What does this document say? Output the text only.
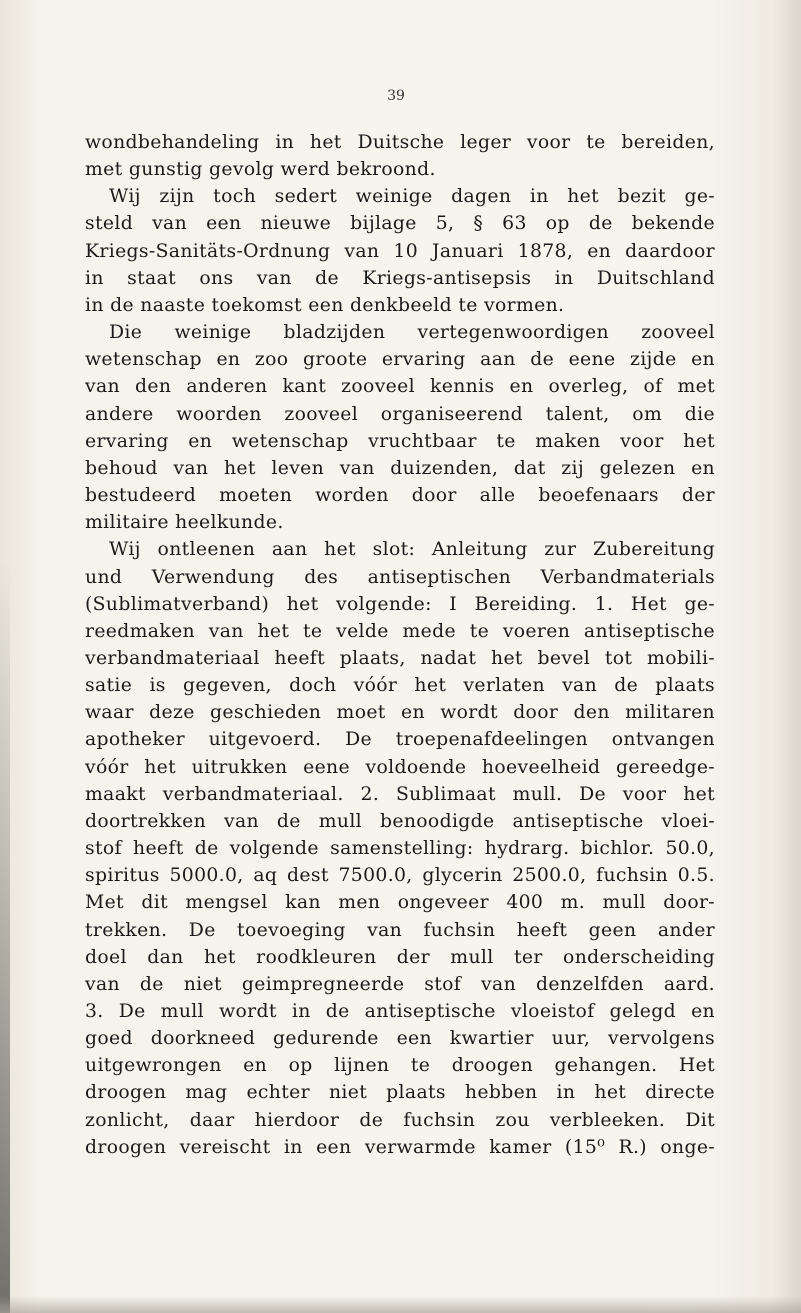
39
wondbehandeling in het Duitsche leger voor te bereiden,
met gunstig gevolg werd bekroond.
Wij zijn toch sedert weinige dagen in het bezit ge-
steld van een nieuwe bijlage 5, § 63 op de bekende
Kriegs-Sanitäts-Ordnung van 10 Januari 1878, en daardoor
in staat ons van de Kriegs-antisepsis in Duitschland
in de naaste toekomst een denkbeeld te vormen.
Die weinige bladzijden vertegenwoordigen zooveel
wetenschap en zoo groote ervaring aan de eene zijde en
van den anderen kant zooveel kennis en overleg, of met
andere woorden zooveel organiseerend talent, om die
ervaring en wetenschap vruchtbaar te maken voor het
behoud van het leven van duizenden, dat zij gelezen en
bestudeerd moeten worden door alle beoefenaars der
militaire heelkunde.
Wij ontleenen aan het slot: Anleitung zur Zubereitung
und Verwendung des antiseptischen Verbandmaterials
(Sublimatverband) het volgende: I Bereiding. 1. Het ge-
reedmaken van het te velde mede te voeren antiseptische
verbandmateriaal heeft plaats, nadat het bevel tot mobili-
satie is gegeven, doch vóór het verlaten van de plaats
waar deze geschieden moet en wordt door den militaren
apotheker uitgevoerd. De troepenafdeelingen ontvangen
vóór het uitrukken eene voldoende hoeveelheid gereedge-
maakt verbandmateriaal. 2. Sublimaat mull. De voor het
doortrekken van de mull benoodigde antiseptische vloei-
stof heeft de volgende samenstelling: hydrarg. bichlor. 50.0,
spiritus 5000.0, aq dest 7500.0, glycerin 2500.0, fuchsin 0.5.
Met dit mengsel kan men ongeveer 400 m. mull door-
trekken. De toevoeging van fuchsin heeft geen ander
doel dan het roodkleuren der mull ter onderscheiding
van de niet geimpregneerde stof van denzelfden aard.
3. De mull wordt in de antiseptische vloeistof gelegd en
goed doorkneed gedurende een kwartier uur, vervolgens
uitgewrongen en op lijnen te droogen gehangen. Het
droogen mag echter niet plaats hebben in het directe
zonlicht, daar hierdoor de fuchsin zou verbleeken. Dit
droogen vereischt in een verwarmde kamer (15⁰ R.) onge-
